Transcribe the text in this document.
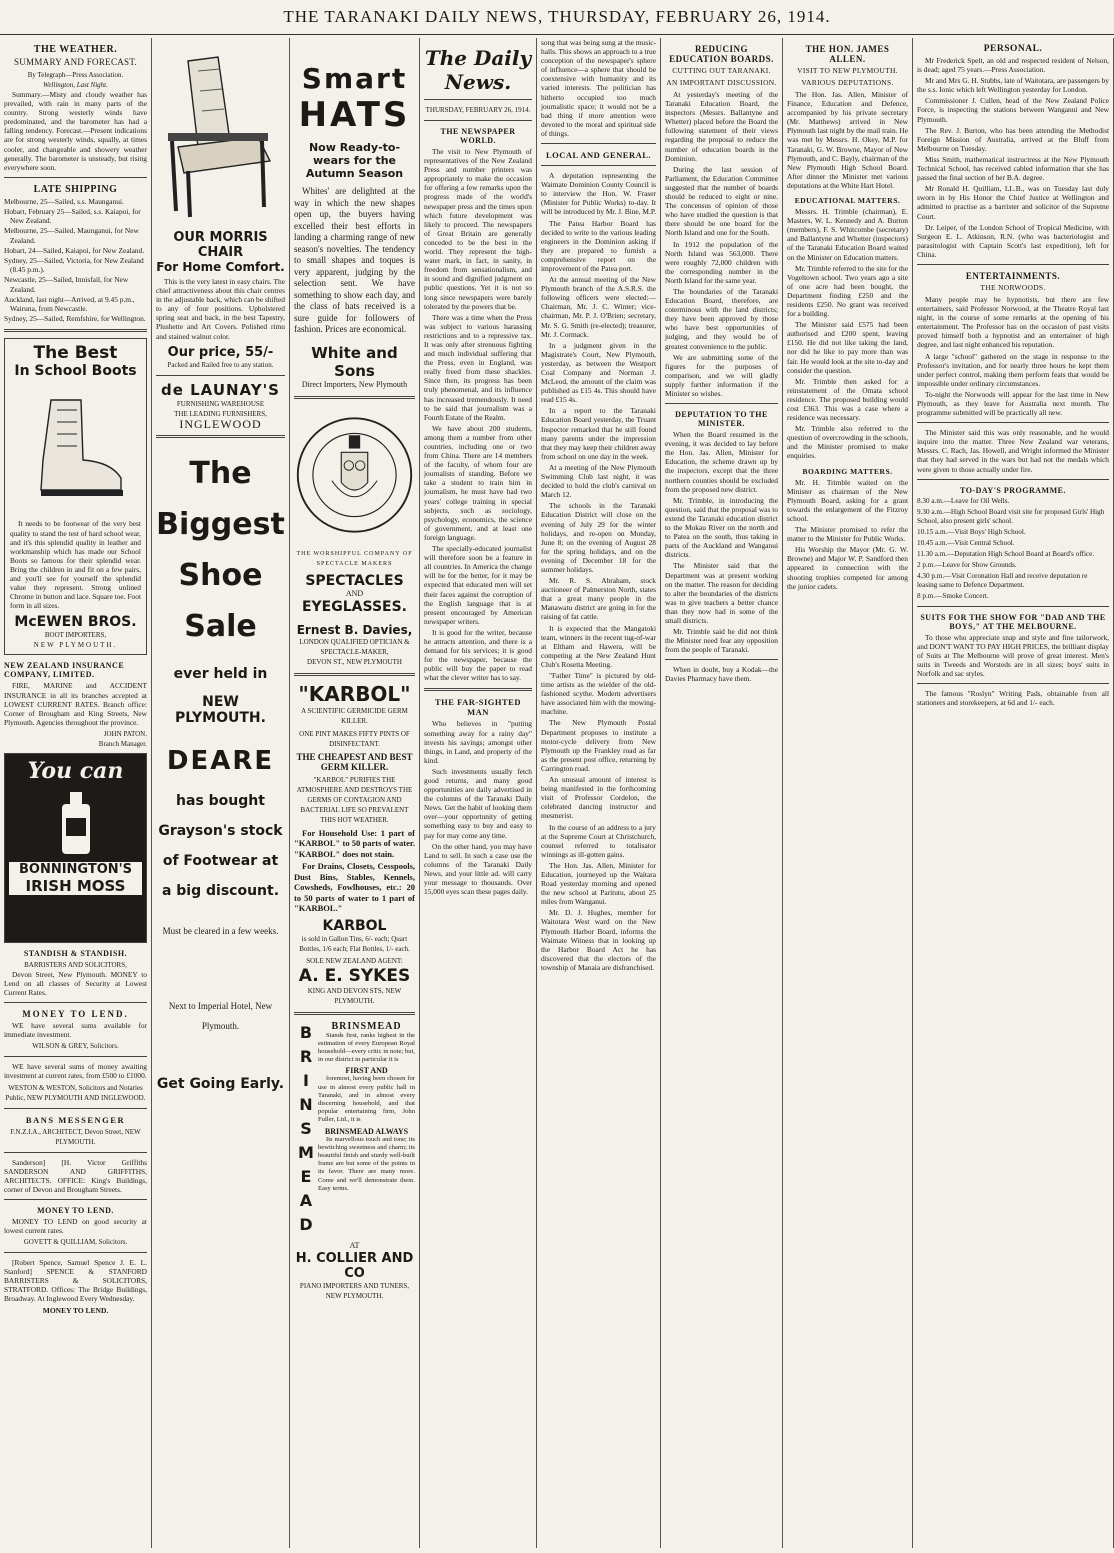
THE TARANAKI DAILY NEWS, THURSDAY, FEBRUARY 26, 1914.
THE WEATHER.
SUMMARY AND FORECAST.

By Telegraph—Press Association.

Wellington, Last Night.

Summary.—Misty and cloudy weather has prevailed, with rain in many parts of the country. Strong westerly winds have predominated, and the barometer has had a falling tendency. Forecast.—Present indications are for strong westerly winds, squally, at times cooler, and changeable and showery weather generally. The barometer is unsteady, but rising everywhere soon.

LATE SHIPPING

Melbourne, 25—Sailed, s.s. Maunganui.

Hobart, February 25—Sailed, s.s. Kaiapoi, for New Zealand.

Melbourne, 25—Sailed, Maunganui, for New Zealand.

Hobart, 24—Sailed, Kaiapoi, for New Zealand.

Sydney, 25—Sailed, Victoria, for New Zealand (8.45 p.m.).

Newcastle, 25—Sailed, Innisfail, for New Zealand.

Auckland, last night—Arrived, at 9.45 p.m., Wairuna, from Newcastle.

Sydney, 25—Sailed, Remfshire, for Wellington.

The Best
In School Boots

It needs to be footwear of the very best quality to stand the test of hard school wear, and it's this splendid quality in leather and workmanship which has made our School Boots so famous for their splendid wear. Bring the children in and fit on a few pairs, and you'll see for yourself the splendid value they represent. Strong unlined Chrome in button and lace. Square toe. Foot form in all sizes.

McEWEN BROS.

BOOT IMPORTERS,

NEW PLYMOUTH.

NEW ZEALAND INSURANCE COMPANY, LIMITED.

FIRE, MARINE and ACCIDENT INSURANCE in all its branches accepted at LOWEST CURRENT RATES. Branch office: Corner of Brougham and King Streets, New Plymouth. Agencies throughout the province.

JOHN PATON.

Branch Manager.

You can
BONNINGTON'S
IRISH MOSS
STANDISH & STANDISH.

BARRISTERS AND SOLICITORS,

Devon Street, New Plymouth. MONEY to Lend on all classes of Security at Lowest Current Rates.

MONEY TO LEND.

WE have several sums available for immediate investment.

WILSON & GREY, Solicitors.

WE have several sums of money awaiting investment at current rates, from £500 to £1000.

WESTON & WESTON, Solicitors and Notaries Public, NEW PLYMOUTH AND INGLEWOOD.

BANS MESSENGER

F.N.Z.I.A., ARCHITECT, Devon Street, NEW PLYMOUTH.

Sanderson] [H. Victor Griffiths SANDERSON AND GRIFFITHS, ARCHITECTS. OFFICE: King's Buildings, corner of Devon and Brougham Streets.

MONEY TO LEND.

MONEY TO LEND on good security at lowest current rates.

GOVETT & QUILLIAM, Solicitors.

[Robert Spence, Samuel Spence J. E. L. Stanford] SPENCE & STANFORD BARRISTERS & SOLICITORS, STRATFORD. Offices: The Bridge Buildings, Broadway. At Inglewood Every Wednesday.

MONEY TO LEND.

OUR MORRIS CHAIR
For Home Comfort.

This is the very latest in easy chairs. The chief attractiveness about this chair centres in the adjustable back, which can be shifted to any of four positions. Upholstered spring seat and back, in the best Tapestry, Plushette and Art Covers. Polished rimu and stained walnut color.

Our price, 55/-

Packed and Railed free to any station.

de LAUNAY'S

FURNISHING WAREHOUSE

THE LEADING FURNISHERS,

INGLEWOOD

The
Biggest
Shoe
Sale
ever held in
NEW PLYMOUTH.
DEARE
has bought Grayson's stock of Footwear at a big discount.

Must be cleared in a few weeks.

Next to Imperial Hotel, New Plymouth.

Get Going Early.
Smart
HATS
Now Ready-to-wears for the Autumn Season

Whites' are delighted at the way in which the new shapes open up, the buyers having excelled their best efforts in landing a charming range of new season's novelties. The tendency to small shapes and toques is very apparent, judging by the selection sent. We have something to show each day, and the class of hats received is a sure guide for followers of fashion. Prices are economical.

White and Sons

Direct Importers, New Plymouth

THE WORSHIPFUL COMPANY OF SPECTACLE MAKERS

SPECTACLES

AND

EYEGLASSES.
Ernest B. Davies,

LONDON QUALIFIED OPTICIAN & SPECTACLE-MAKER,

DEVON ST., NEW PLYMOUTH

"KARBOL"

A SCIENTIFIC GERMICIDE GERM KILLER.

ONE PINT MAKES FIFTY PINTS OF DISINFECTANT.

THE CHEAPEST AND BEST GERM KILLER.

"KARBOL" PURIFIES THE ATMOSPHERE AND DESTROYS THE GERMS OF CONTAGION AND BACTERIAL LIFE SO PREVALENT THIS HOT WEATHER.

For Household Use: 1 part of "KARBOL" to 50 parts of water. "KARBOL" does not stain.

For Drains, Closets, Cesspools, Dust Bins, Stables, Kennels, Cowsheds, Fowlhouses, etc.: 20 to 50 parts of water to 1 part of "KARBOL."

KARBOL

is sold in Gallon Tins, 6/- each; Quart Bottles, 1/6 each; Flat Bottles, 1/- each.

SOLE NEW ZEALAND AGENT:

A. E. SYKES

KING AND DEVON STS, NEW PLYMOUTH.

B
R
I
N
S
M
E
A
D
BRINSMEAD

Stands first, ranks highest in the estimation of every European Royal household—every critic in note; but, in our district in particular it is

FIRST AND

foremost, having been chosen for use in almost every public hall in Taranaki, and in almost every discerning household, and that popular entertaining firm, John Fuller, Ltd., it is

BRINSMEAD ALWAYS

Its marvellous touch and tone; its bewitching sweetness and charm; its beautiful finish and sturdy well-built frame are but some of the points in its favor. There are many more. Come and we'll demonstrate them. Easy terms.

AT

H. COLLIER AND CO

PIANO IMPORTERS AND TUNERS, NEW PLYMOUTH.

The Daily News.

THURSDAY, FEBRUARY 26, 1914.

THE NEWSPAPER WORLD.

The visit to New Plymouth of representatives of the New Zealand Press and number printers was appropriately to make the occasion for offering a few remarks upon the progress made of the world's newspaper press and the times upon which future development was likely to proceed. The newspapers of Great Britain are generally conceded to be the best in the world. They represent the high-water mark, in fact, in sanity, in freedom from sensationalism, and in sound and dignified judgment on public questions. Yet it is not so long since newspapers were barely tolerated by the powers that be.

There was a time when the Press was subject to various harassing restrictions and to a repressive tax. It was only after strenuous fighting and much individual suffering that the Press, even in England, was really freed from these shackles. Since then, its progress has been truly phenomenal, and its influence has increased tremendously. It need to be said that journalism was a Fourth Estate of the Realm.

We have about 200 students, among them a number from other countries, including one or two from China. There are 14 members of the faculty, of whom four are journalists of standing. Before we take a student to train him in journalism, he must have had two years' college training in special subjects, such as sociology, psychology, economics, the science of government, and at least one foreign language.

The specially-educated journalist will therefore soon be a feature in all countries. In America the change will be for the better, for it may be expected that educated men will set their faces against the corruption of the English language that is at present encouraged by American newspaper writers.

It is good for the writer, because he attracts attention, and there is a demand for his services; it is good for the newspaper, because the public will buy the paper to read what the clever writer has to say.

THE FAR-SIGHTED MAN

Who believes in "putting something away for a rainy day" invests his savings; amongst other things, in Land, and property of the kind.

Such investments usually fetch good returns, and many good opportunities are daily advertised in the columns of the Taranaki Daily News. Get the habit of looking them over—your opportunity of getting something easy to buy and easy to pay for may come any time.

On the other hand, you may have Land to sell. In such a case use the columns of the Taranaki Daily News, and your little ad. will carry your message to thousands. Over 15,000 eyes scan these pages daily.

song that was being sung at the music-halls. This shows an approach to a true conception of the newspaper's sphere of influence—a sphere that should be coextensive with humanity and its varied interests. The politician has hitherto occupied too much journalistic space; it would not be a bad thing if more attention were devoted to the moral and spiritual side of things.

LOCAL AND GENERAL.

A deputation representing the Waimate Dominion County Council is to interview the Hon. W. Fraser (Minister for Public Works) to-day. It will be introduced by Mr. J. Bine, M.P.

The Patea Harbor Board has decided to write to the various leading engineers in the Dominion asking if they are prepared to furnish a comprehensive report on the improvement of the Patea port.

At the annual meeting of the New Plymouth branch of the A.S.R.S. the following officers were elected:—Chairman, Mr. J. C. Winter; vice-chairman, Mr. P. J. O'Brien; secretary, Mr. S. G. Smith (re-elected); treasurer, Mr. J. Cormack.

In a judgment given in the Magistrate's Court, New Plymouth, yesterday, as between the Westport Coal Company and Norman J. McLeod, the amount of the claim was published as £15 4s. This should have read £15 4s.

In a report to the Taranaki Education Board yesterday, the Truant Inspector remarked that he still found many parents under the impression that they may keep their children away from school on one day in the week.

At a meeting of the New Plymouth Swimming Club last night, it was decided to hold the club's carnival on March 12.

The schools in the Taranaki Education District will close on the evening of July 29 for the winter holidays, and re-open on Monday, June 8; on the evening of August 28 for the spring holidays, and on the evening of December 18 for the summer holidays.

Mr. R. S. Abraham, stock auctioneer of Palmerston North, states that a great many people in the Manawatu district are going in for the raising of fat cattle.

It is expected that the Mangatoki team, winners in the recent tug-of-war at Eltham and Hawera, will be competing at the New Zealand Hunt Club's Rosetta Meeting.

"Father Time" is pictured by old-time artists as the wielder of the old-fashioned scythe. Modern advertisers have associated him with the mowing-machine.

The New Plymouth Postal Department proposes to institute a motor-cycle delivery from New Plymouth up the Frankley road as far as the present post office, returning by Carrington road.

An unusual amount of interest is being manifested in the forthcoming visit of Professor Cordelon, the celebrated dancing instructor and mesmerist.

In the course of an address to a jury at the Supreme Court at Christchurch, counsel referred to totalisator winnings as ill-gotten gains.

The Hon. Jas. Allen, Minister for Education, journeyed up the Waitara Road yesterday morning and opened the new school at Paritutu, about 25 miles from Wanganui.

Mr. D. J. Hughes, member for Waitotara West ward on the New Plymouth Harbor Board, informs the Waimate Witness that in looking up the Harbor Board Act he has discovered that the electors of the township of Manaia are disfranchised.

REDUCING EDUCATION BOARDS.
CUTTING OUT TARANAKI.
AN IMPORTANT DISCUSSION.

At yesterday's meeting of the Taranaki Education Board, the inspectors (Messrs. Ballantyne and Whetter) placed before the Board the following statement of their views regarding the proposal to reduce the number of education boards in the Dominion.

During the last session of Parliament, the Education Committee suggested that the number of boards should be reduced to eight or nine. The concensus of opinion of those who have studied the question is that there should be one board for the North Island and one for the South.

In 1912 the population of the North Island was 563,000. There were roughly 72,000 children with the corresponding number in the North Island for the same year.

The boundaries of the Taranaki Education Board, therefore, are coterminous with the land districts; they have been approved by those who have best opportunities of judging, and they would be of greatest convenience to the public.

We are submitting some of the figures for the purposes of comparison, and we will gladly supply further information if the Minister so wishes.

DEPUTATION TO THE MINISTER.

When the Board resumed in the evening, it was decided to lay before the Hon. Jas. Allen, Minister for Education, the scheme drawn up by the inspectors, except that the three northern counties should be excluded from the proposed new district.

Mr. Trimble, in introducing the question, said that the proposal was to extend the Taranaki education district to the Mokau River on the north and to Patea on the south, thus taking in parts of the Auckland and Wanganui districts.

The Minister said that the Department was at present working on the matter. The reason for deciding to alter the boundaries of the districts was to give teachers a better chance than they now had in some of the small districts.

Mr. Trimble said he did not think the Minister need fear any opposition from the people of Taranaki.

When in doubt, buy a Kodak—the Davies Pharmacy have them.

THE HON. JAMES ALLEN.
VISIT TO NEW PLYMOUTH.
VARIOUS DEPUTATIONS.

The Hon. Jas. Allen, Minister of Finance, Education and Defence, accompanied by his private secretary (Mr. Matthews) arrived in New Plymouth last night by the mail train. He was met by Messrs. H. Okey, M.P. for Taranaki, G. W. Browne, Mayor of New Plymouth, and C. Bayly, chairman of the New Plymouth High School Board. After dinner the Minister met various deputations at the White Hart Hotel.

EDUCATIONAL MATTERS.

Messrs. H. Trimble (chairman), E. Masters, W. L. Kennedy and A. Burton (members), F. S. Whitcombe (secretary) and Ballantyne and Whetter (inspectors) of the Taranaki Education Board waited on the Minister on Education matters.

Mr. Trimble referred to the site for the Vogeltown school. Two years ago a site of one acre had been bought, the Department finding £250 and the residents £250. No grant was received for a building.

The Minister said £575 had been authorised and £200 spent, leaving £150. He did not like taking the land, nor did he like to pay more than was fair. He would look at the site to-day and consider the question.

Mr. Trimble then asked for a reinstatement of the Omata school residence. The proposed building would cost £363. This was a case where a residence was necessary.

Mr. Trimble also referred to the question of overcrowding in the schools, and the Minister promised to make enquiries.

BOARDING MATTERS.

Mr. H. Trimble waited on the Minister as chairman of the New Plymouth Board, asking for a grant towards the enlargement of the Fitzroy school.

The Minister promised to refer the matter to the Minister for Public Works.

His Worship the Mayor (Mr. G. W. Browne) and Major W. P. Sandford then appeared in connection with the shooting trophies competed for among the junior cadets.

PERSONAL.

Mr Frederick Spelt, an old and respected resident of Nelson, is dead; aged 75 years.—Press Association.

Mr and Mrs G. H. Stubbs, late of Waitotara, are passengers by the s.s. Ionic which left Wellington yesterday for London.

Commissioner J. Cullen, head of the New Zealand Police Force, is inspecting the stations between Wanganui and New Plymouth.

The Rev. J. Burton, who has been attending the Methodist Foreign Mission of Australia, arrived at the Bluff from Melbourne on Tuesday.

Miss Smith, mathematical instructress at the New Plymouth Technical School, has received cabled information that she has passed the final section of her B.A. degree.

Mr Ronald H. Quilliam, LL.B., was on Tuesday last duly sworn in by His Honor the Chief Justice at Wellington and admitted to practise as a barrister and solicitor of the Supreme Court.

Dr. Leiper, of the London School of Tropical Medicine, with Surgeon E. L. Atkinson, R.N. (who was bacteriologist and parasitologist with Captain Scott's last expedition), left for China.

ENTERTAINMENTS.
THE NORWOODS.

Many people may be hypnotists, but there are few entertainers, said Professor Norwood, at the Theatre Royal last night, in the course of some remarks at the opening of his entertainment. The Professor has on the occasion of past visits proved himself both a hypnotist and an entertainer of high degree, and last night enhanced his reputation.

A large "school" gathered on the stage in response to the Professor's invitation, and for nearly three hours he kept them under perfect control, making them perform feats that would be impossible under ordinary circumstances.

To-night the Norwoods will appear for the last time in New Plymouth, as they leave for Australia next month. The programme submitted will be practically all new.

The Minister said this was only reasonable, and he would inquire into the matter. Three New Zealand war veterans, Messrs. C. Rach, Jas. Howell, and Wright informed the Minister that they had served in the wars but had not the medals which were given to those actually under fire.

TO-DAY'S PROGRAMME.

8.30 a.m.—Leave for Oil Wells.

9.30 a.m.—High School Board visit site for proposed Girls' High School, also present girls' school.

10.15 a.m.—Visit Boys' High School.

10.45 a.m.—Visit Central School.

11.30 a.m.—Deputation High School Board at Board's office.

2 p.m.—Leave for Show Grounds.

4.30 p.m.—Visit Coronation Hall and receive deputation re leasing same to Defence Department.

8 p.m.—Smoke Concert.

SUITS FOR THE SHOW FOR "DAD AND THE BOYS," AT THE MELBOURNE.

To those who appreciate snap and style and fine tailorwork, and DON'T WANT TO PAY HIGH PRICES, the brilliant display of Suits at The Melbourne will prove of great interest. Men's suits in Tweeds and Worsteds are in all sizes; boys' suits in Norfolk and sac styles.

The famous "Roslyn" Writing Pads, obtainable from all stationers and storekeepers, at 6d and 1/- each.
